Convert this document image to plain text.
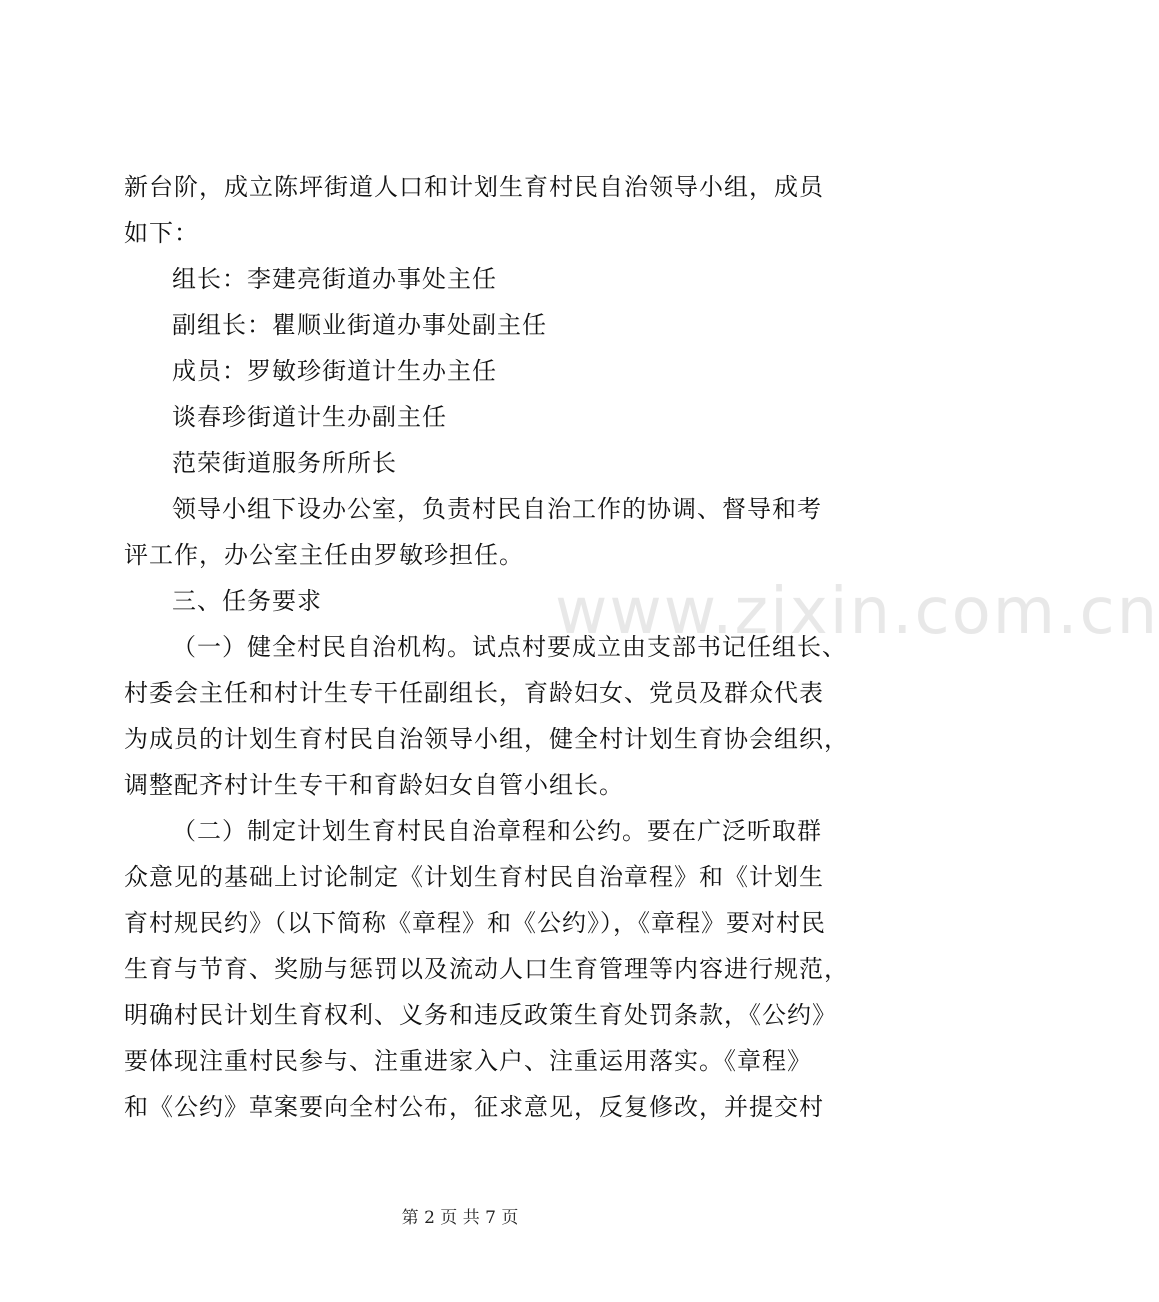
www.zixin.com.cn
新台阶，成立陈坪街道人口和计划生育村民自治领导小组，成员
如下：
组长：李建亮街道办事处主任
副组长：瞿顺业街道办事处副主任
成员：罗敏珍街道计生办主任
谈春珍街道计生办副主任
范荣街道服务所所长
领导小组下设办公室，负责村民自治工作的协调、督导和考
评工作，办公室主任由罗敏珍担任。
三、任务要求
（一）健全村民自治机构。试点村要成立由支部书记任组长、
村委会主任和村计生专干任副组长，育龄妇女、党员及群众代表
为成员的计划生育村民自治领导小组，健全村计划生育协会组织，
调整配齐村计生专干和育龄妇女自管小组长。
（二）制定计划生育村民自治章程和公约。要在广泛听取群
众意见的基础上讨论制定《计划生育村民自治章程》和《计划生
育村规民约》（以下简称《章程》和《公约》），《章程》要对村民
生育与节育、奖励与惩罚以及流动人口生育管理等内容进行规范，
明确村民计划生育权利、义务和违反政策生育处罚条款，《公约》
要体现注重村民参与、注重进家入户、注重运用落实。《章程》
和《公约》草案要向全村公布，征求意见，反复修改，并提交村
第 2 页 共 7 页
